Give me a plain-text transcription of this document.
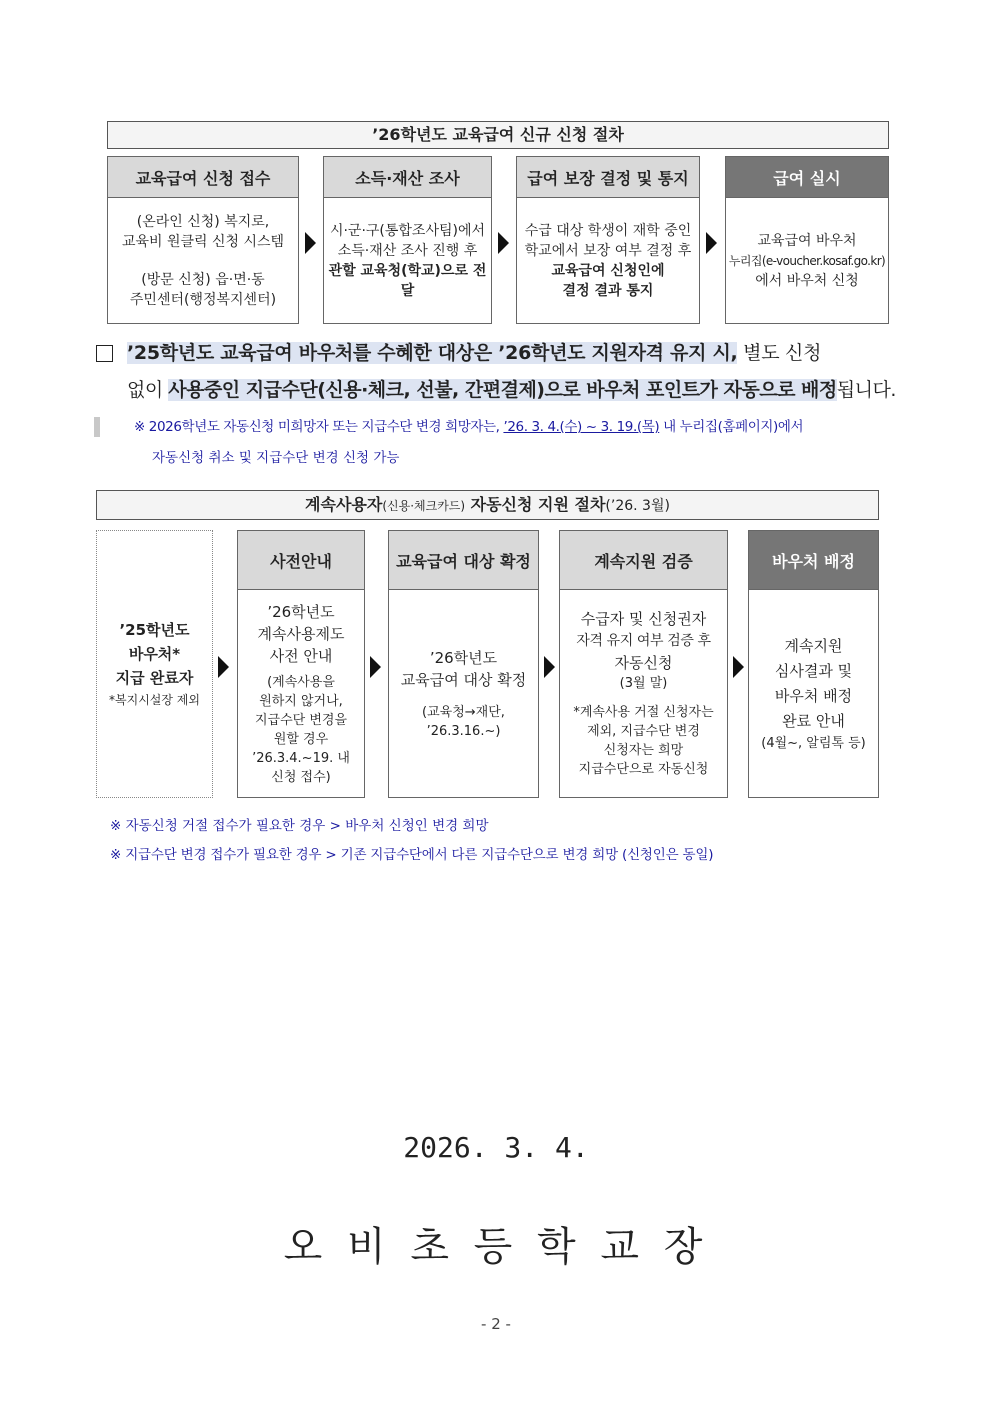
’26학년도 교육급여 신규 신청 절차
교육급여 신청 접수
(온라인 신청) 복지로,
교육비 원클릭 신청 시스템
(방문 신청) 읍·면·동
주민센터(행정복지센터)
소득·재산 조사
시·군·구(통합조사팀)에서
소득·재산 조사 진행 후
관할 교육청(학교)으로 전달
급여 보장 결정 및 통지
수급 대상 학생이 재학 중인
학교에서 보장 여부 결정 후
교육급여 신청인에
결정 결과 통지
급여 실시
교육급여 바우처
누리집(e-voucher.kosaf.go.kr)
에서 바우처 신청
’25학년도 교육급여 바우처를 수혜한 대상은 ’26학년도 지원자격 유지 시, 별도 신청
없이 사용중인 지급수단(신용·체크, 선불, 간편결제)으로 바우처 포인트가 자동으로 배정됩니다.
※ 2026학년도 자동신청 미희망자 또는 지급수단 변경 희망자는, ’26. 3. 4.(수) ~ 3. 19.(목) 내 누리집(홈페이지)에서
자동신청 취소 및 지급수단 변경 신청 가능
계속사용자(신용·체크카드) 자동신청 지원 절차(’26. 3월)
’25학년도
바우처*
지급 완료자
*복지시설장 제외
사전안내
’26학년도
계속사용제도
사전 안내
(계속사용을
원하지 않거나,
지급수단 변경을
원할 경우
’26.3.4.~19. 내
신청 접수)
교육급여 대상 확정
’26학년도
교육급여 대상 확정
(교육청→재단,
’26.3.16.~)
계속지원 검증
수급자 및 신청권자
자격 유지 여부 검증 후
자동신청
(3월 말)
*계속사용 거절 신청자는
제외, 지급수단 변경
신청자는 희망
지급수단으로 자동신청
바우처 배정
계속지원
심사결과 및
바우처 배정
완료 안내
(4월~, 알림톡 등)
※ 자동신청 거절 접수가 필요한 경우 > 바우처 신청인 변경 희망
※ 지급수단 변경 접수가 필요한 경우 > 기존 지급수단에서 다른 지급수단으로 변경 희망 (신청인은 동일)
2026. 3. 4.
오 비 초 등 학 교 장
- 2 -
